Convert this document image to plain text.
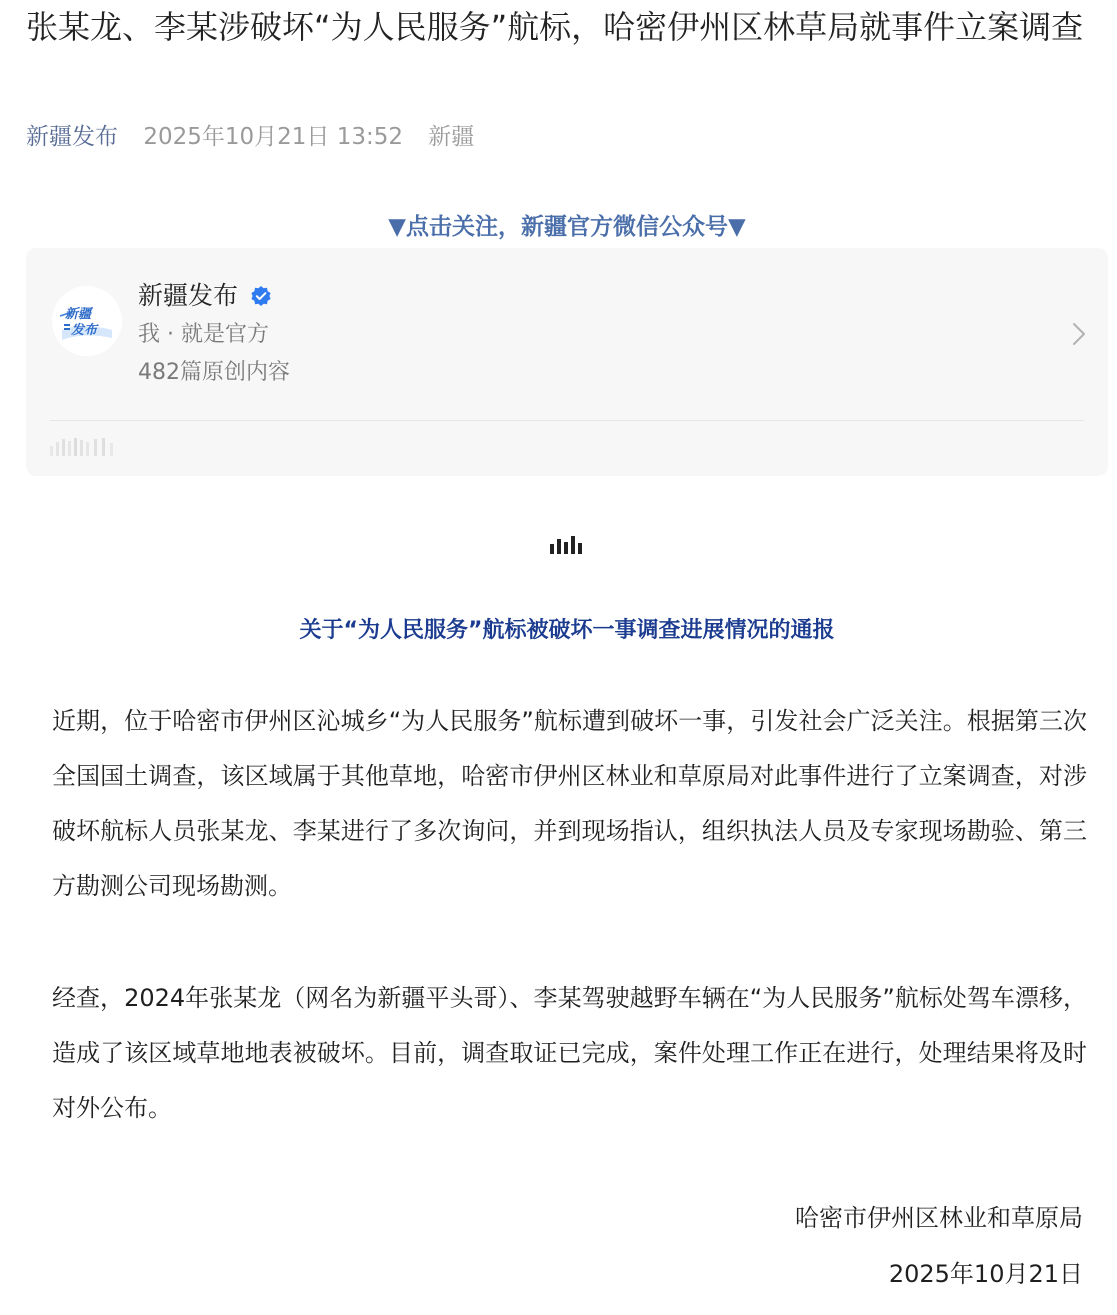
张某龙、李某涉破坏“为人民服务”航标，哈密伊州区林草局就事件立案调查
新疆发布 2025年10月21日 13:52 新疆
▼点击关注，新疆官方微信公众号▼
新疆
发布
新疆发布
我 · 就是官方
482篇原创内容
关于“为人民服务”航标被破坏一事调查进展情况的通报

近期，位于哈密市伊州区沁城乡“为人民服务”航标遭到破坏一事，引发社会广泛关注。根据第三次全国国土调查，该区域属于其他草地，哈密市伊州区林业和草原局对此事件进行了立案调查，对涉破坏航标人员张某龙、李某进行了多次询问，并到现场指认，组织执法人员及专家现场勘验、第三方勘测公司现场勘测。

经查，2024年张某龙（网名为新疆平头哥）、李某驾驶越野车辆在“为人民服务”航标处驾车漂移，造成了该区域草地地表被破坏。目前，调查取证已完成，案件处理工作正在进行，处理结果将及时对外公布。

哈密市伊州区林业和草原局
2025年10月21日
